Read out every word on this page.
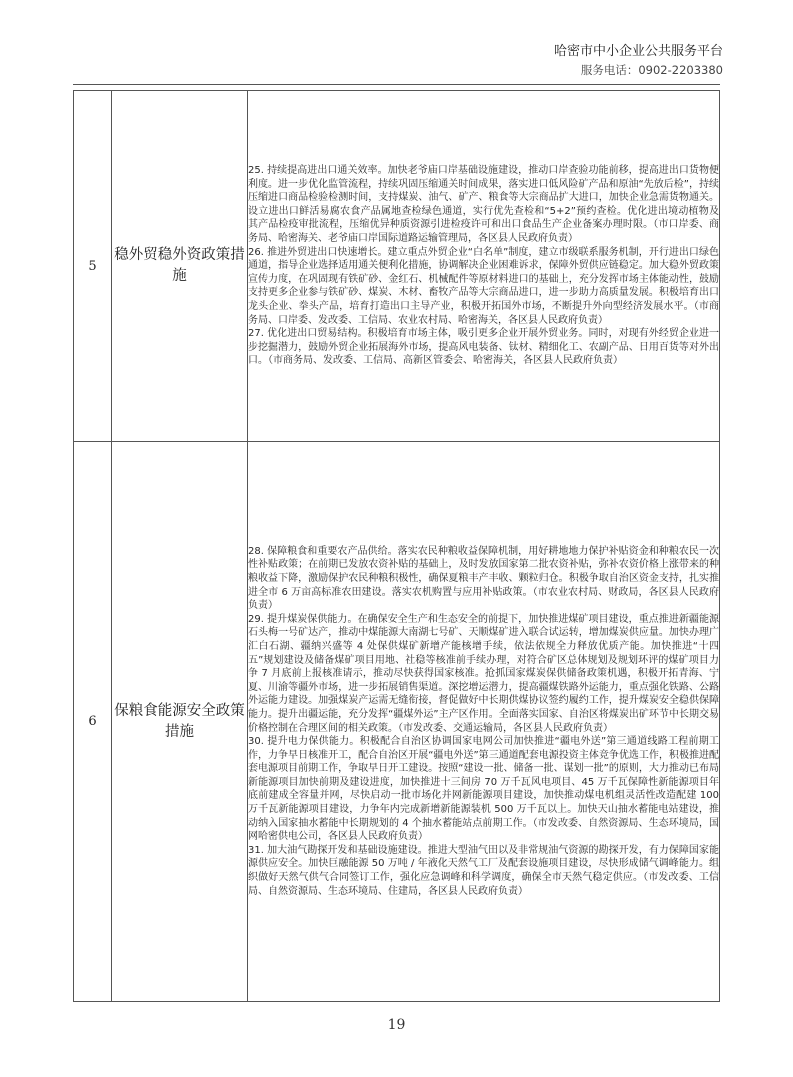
哈密市中小企业公共服务平台
服务电话：0902-2203380
5	稳外贸稳外资政策措施	25. 持续提高进出口通关效率。加快老爷庙口岸基础设施建设，推动口岸查验功能前移，提高进出口货物便利度。进一步优化监管流程，持续巩固压缩通关时间成果，落实进口低风险矿产品和原油“先放后检”，持续压缩进口商品检验检测时间，支持煤炭、油气、矿产、粮食等大宗商品扩大进口，加快企业急需货物通关。设立进出口鲜活易腐农食产品属地查检绿色通道，实行优先查检和“5+2”预约查检。优化进出境动植物及其产品检疫审批流程，压缩优异种质资源引进检疫许可和出口食品生产企业备案办理时限。（市口岸委、商务局、哈密海关、老爷庙口岸国际道路运输管理局，各区县人民政府负责）
26. 推进外贸进出口快速增长。建立重点外贸企业“白名单”制度，建立市级联系服务机制，开行进出口绿色通道，指导企业选择适用通关便利化措施，协调解决企业困难诉求，保障外贸供应链稳定。加大稳外贸政策宣传力度，在巩固现有铁矿砂、金红石、机械配件等原材料进口的基础上，充分发挥市场主体能动性，鼓励支持更多企业参与铁矿砂、煤炭、木材、畜牧产品等大宗商品进口，进一步助力高质量发展。积极培育出口龙头企业、拳头产品，培育打造出口主导产业，积极开拓国外市场，不断提升外向型经济发展水平。（市商务局、口岸委、发改委、工信局、农业农村局、哈密海关，各区县人民政府负责）
27. 优化进出口贸易结构。积极培育市场主体，吸引更多企业开展外贸业务。同时，对现有外经贸企业进一步挖掘潜力，鼓励外贸企业拓展海外市场，提高风电装备、钛材、精细化工、农副产品、日用百货等对外出口。（市商务局、发改委、工信局、高新区管委会、哈密海关，各区县人民政府负责）

6	保粮食能源安全政策措施	28. 保障粮食和重要农产品供给。落实农民种粮收益保障机制，用好耕地地力保护补贴资金和种粮农民一次性补贴政策；在前期已发放农资补贴的基础上，及时发放国家第二批农资补贴，弥补农资价格上涨带来的种粮收益下降，激励保护农民种粮积极性，确保夏粮丰产丰收、颗粒归仓。积极争取自治区资金支持，扎实推进全市 6 万亩高标准农田建设。落实农机购置与应用补贴政策。（市农业农村局、财政局，各区县人民政府负责）
29. 提升煤炭保供能力。在确保安全生产和生态安全的前提下，加快推进煤矿项目建设，重点推进新疆能源石头梅一号矿达产，推动中煤能源大南湖七号矿、天顺煤矿进入联合试运转，增加煤炭供应量。加快办理广汇白石湖、疆纳兴盛等 4 处保供煤矿新增产能核增手续，依法依规全力释放优质产能。加快推进“十四五”规划建设及储备煤矿项目用地、社稳等核准前手续办理，对符合矿区总体规划及规划环评的煤矿项目力争 7 月底前上报核准请示，推动尽快获得国家核准。抢抓国家煤炭保供储备政策机遇，积极开拓青海、宁夏、川渝等疆外市场，进一步拓展销售渠道。深挖增运潜力，提高疆煤铁路外运能力，重点强化铁路、公路外运能力建设。加强煤炭产运需无缝衔接，督促做好中长期供煤协议签约履约工作，提升煤炭安全稳供保障能力。提升出疆运能，充分发挥“疆煤外运”主产区作用。全面落实国家、自治区将煤炭出矿环节中长期交易价格控制在合理区间的相关政策。（市发改委、交通运输局，各区县人民政府负责）
30. 提升电力保供能力。积极配合自治区协调国家电网公司加快推进“疆电外送”第三通道线路工程前期工作，力争早日核准开工，配合自治区开展“疆电外送”第三通道配套电源投资主体竞争优选工作，积极推进配套电源项目前期工作，争取早日开工建设。按照“建设一批、储备一批、谋划一批”的原则，大力推动已布局新能源项目加快前期及建设进度，加快推进十三间房 70 万千瓦风电项目、45 万千瓦保障性新能源项目年底前建成全容量并网，尽快启动一批市场化并网新能源项目建设，加快推动煤电机组灵活性改造配建 100 万千瓦新能源项目建设，力争年内完成新增新能源装机 500 万千瓦以上。加快天山抽水蓄能电站建设，推动纳入国家抽水蓄能中长期规划的 4 个抽水蓄能站点前期工作。（市发改委、自然资源局、生态环境局，国网哈密供电公司，各区县人民政府负责）
31. 加大油气勘探开发和基础设施建设。推进大型油气田以及非常规油气资源的勘探开发，有力保障国家能源供应安全。加快巨融能源 50 万吨 / 年液化天然气工厂及配套设施项目建设，尽快形成储气调峰能力。组织做好天然气供气合同签订工作，强化应急调峰和科学调度，确保全市天然气稳定供应。（市发改委、工信局、自然资源局、生态环境局、住建局，各区县人民政府负责）
19
